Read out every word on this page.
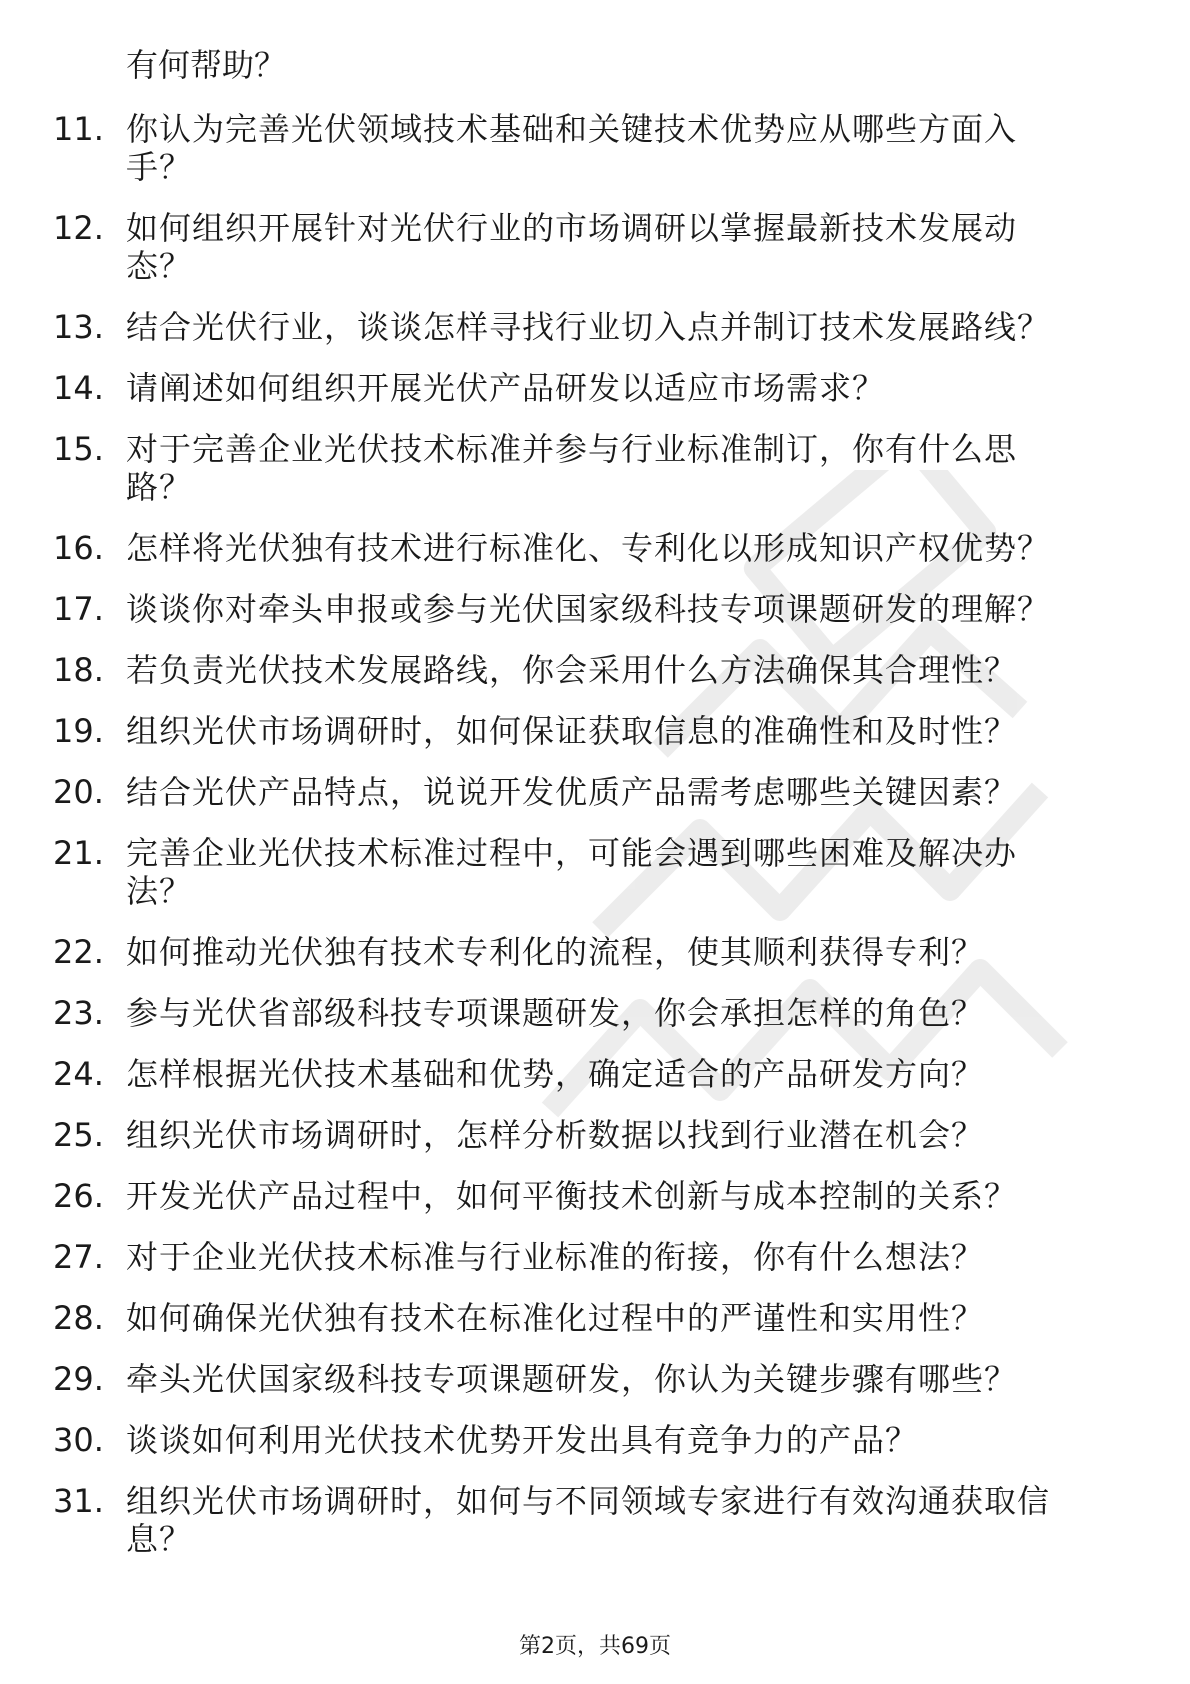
有何帮助？
11. 你认为完善光伏领域技术基础和关键技术优势应从哪些方面入
手？
12. 如何组织开展针对光伏行业的市场调研以掌握最新技术发展动
态？
13. 结合光伏行业，谈谈怎样寻找行业切入点并制订技术发展路线？
14. 请阐述如何组织开展光伏产品研发以适应市场需求？
15. 对于完善企业光伏技术标准并参与行业标准制订，你有什么思
路？
16. 怎样将光伏独有技术进行标准化、专利化以形成知识产权优势？
17. 谈谈你对牵头申报或参与光伏国家级科技专项课题研发的理解？
18. 若负责光伏技术发展路线，你会采用什么方法确保其合理性？
19. 组织光伏市场调研时，如何保证获取信息的准确性和及时性？
20. 结合光伏产品特点，说说开发优质产品需考虑哪些关键因素？
21. 完善企业光伏技术标准过程中，可能会遇到哪些困难及解决办
法？
22. 如何推动光伏独有技术专利化的流程，使其顺利获得专利？
23. 参与光伏省部级科技专项课题研发，你会承担怎样的角色？
24. 怎样根据光伏技术基础和优势，确定适合的产品研发方向？
25. 组织光伏市场调研时，怎样分析数据以找到行业潜在机会？
26. 开发光伏产品过程中，如何平衡技术创新与成本控制的关系？
27. 对于企业光伏技术标准与行业标准的衔接，你有什么想法？
28. 如何确保光伏独有技术在标准化过程中的严谨性和实用性？
29. 牵头光伏国家级科技专项课题研发，你认为关键步骤有哪些？
30. 谈谈如何利用光伏技术优势开发出具有竞争力的产品？
31. 组织光伏市场调研时，如何与不同领域专家进行有效沟通获取信
息？
第2页，共69页
